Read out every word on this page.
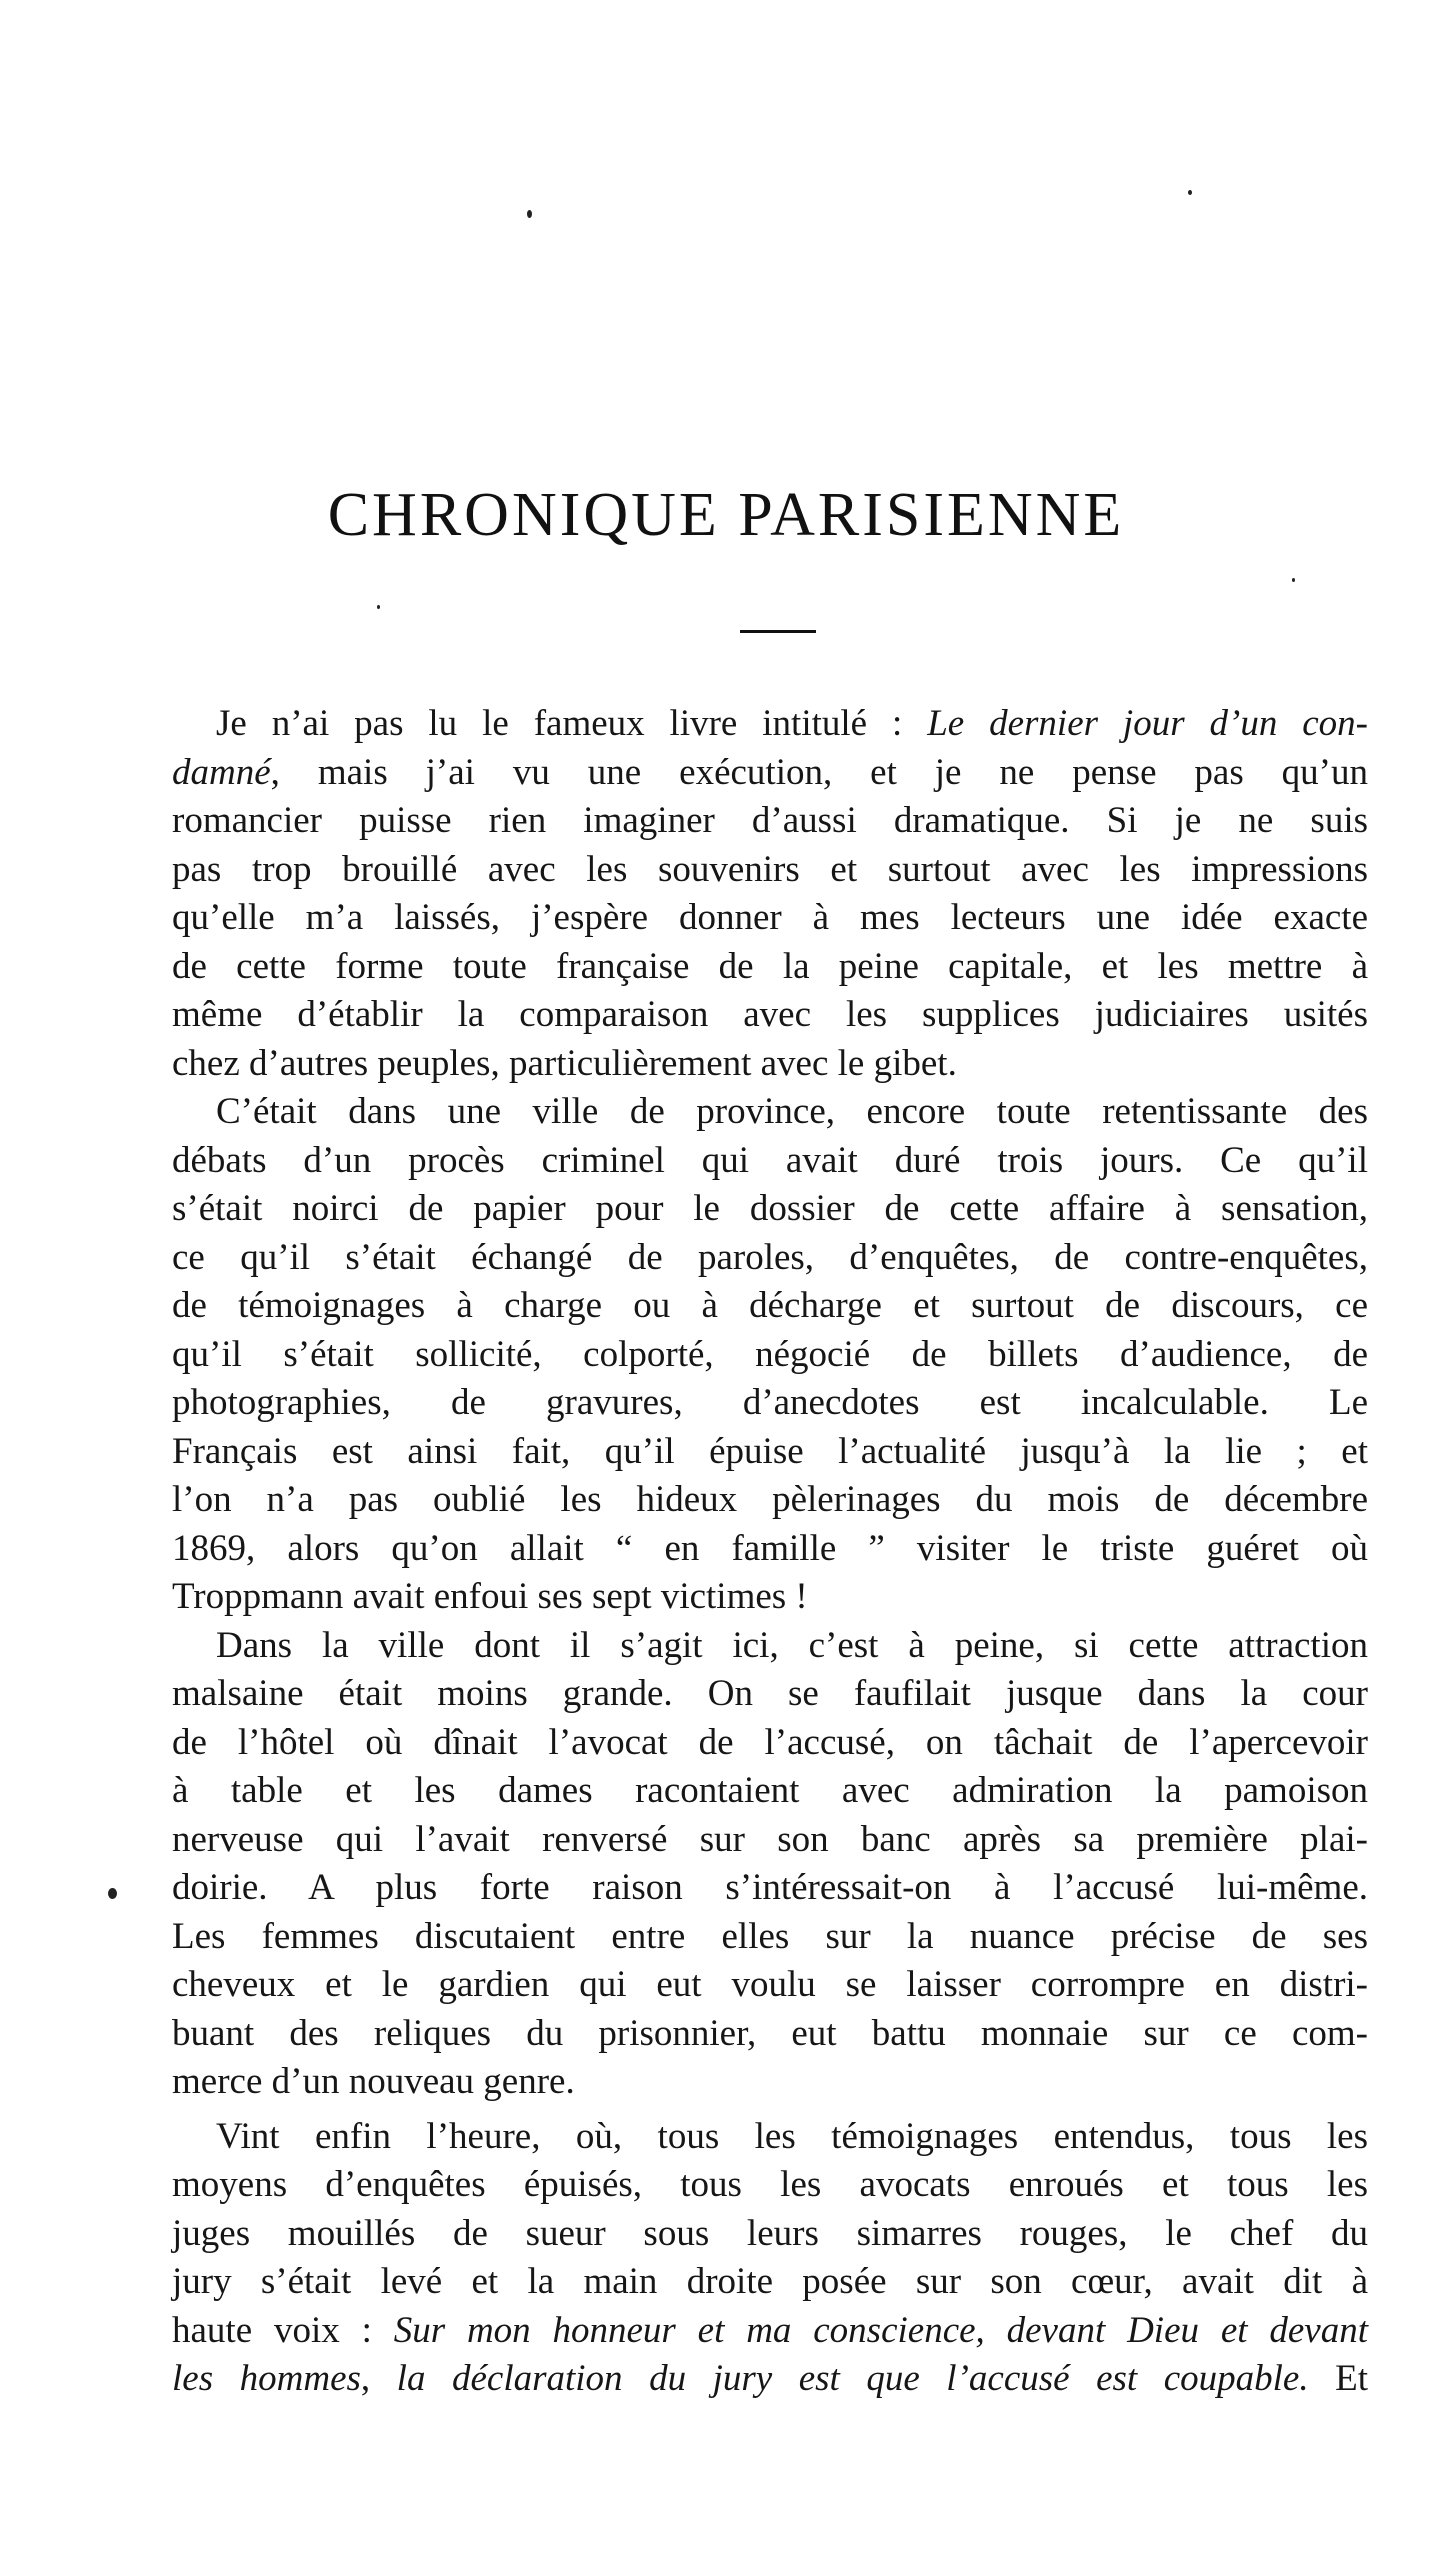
CHRONIQUE PARISIENNE

Je n’ai pas lu le fameux livre intitulé : Le dernier jour d’un con-
damné, mais j’ai vu une exécution, et je ne pense pas qu’un
romancier puisse rien imaginer d’aussi dramatique. Si je ne suis
pas trop brouillé avec les souvenirs et surtout avec les impressions
qu’elle m’a laissés, j’espère donner à mes lecteurs une idée exacte
de cette forme toute française de la peine capitale, et les mettre à
même d’établir la comparaison avec les supplices judiciaires usités
chez d’autres peuples, particulièrement avec le gibet.

C’était dans une ville de province, encore toute retentissante des
débats d’un procès criminel qui avait duré trois jours. Ce qu’il
s’était noirci de papier pour le dossier de cette affaire à sensation,
ce qu’il s’était échangé de paroles, d’enquêtes, de contre-enquêtes,
de témoignages à charge ou à décharge et surtout de discours, ce
qu’il s’était sollicité, colporté, négocié de billets d’audience, de
photographies, de gravures, d’anecdotes est incalculable. Le
Français est ainsi fait, qu’il épuise l’actualité jusqu’à la lie ; et
l’on n’a pas oublié les hideux pèlerinages du mois de décembre
1869, alors qu’on allait “ en famille ” visiter le triste guéret où
Troppmann avait enfoui ses sept victimes !

Dans la ville dont il s’agit ici, c’est à peine, si cette attraction
malsaine était moins grande. On se faufilait jusque dans la cour
de l’hôtel où dînait l’avocat de l’accusé, on tâchait de l’apercevoir
à table et les dames racontaient avec admiration la pamoison
nerveuse qui l’avait renversé sur son banc après sa première plai-
doirie. A plus forte raison s’intéressait-on à l’accusé lui-même.
Les femmes discutaient entre elles sur la nuance précise de ses
cheveux et le gardien qui eut voulu se laisser corrompre en distri-
buant des reliques du prisonnier, eut battu monnaie sur ce com-
merce d’un nouveau genre.

Vint enfin l’heure, où, tous les témoignages entendus, tous les
moyens d’enquêtes épuisés, tous les avocats enroués et tous les
juges mouillés de sueur sous leurs simarres rouges, le chef du
jury s’était levé et la main droite posée sur son cœur, avait dit à
haute voix : Sur mon honneur et ma conscience, devant Dieu et devant
les hommes, la déclaration du jury est que l’accusé est coupable. Et
